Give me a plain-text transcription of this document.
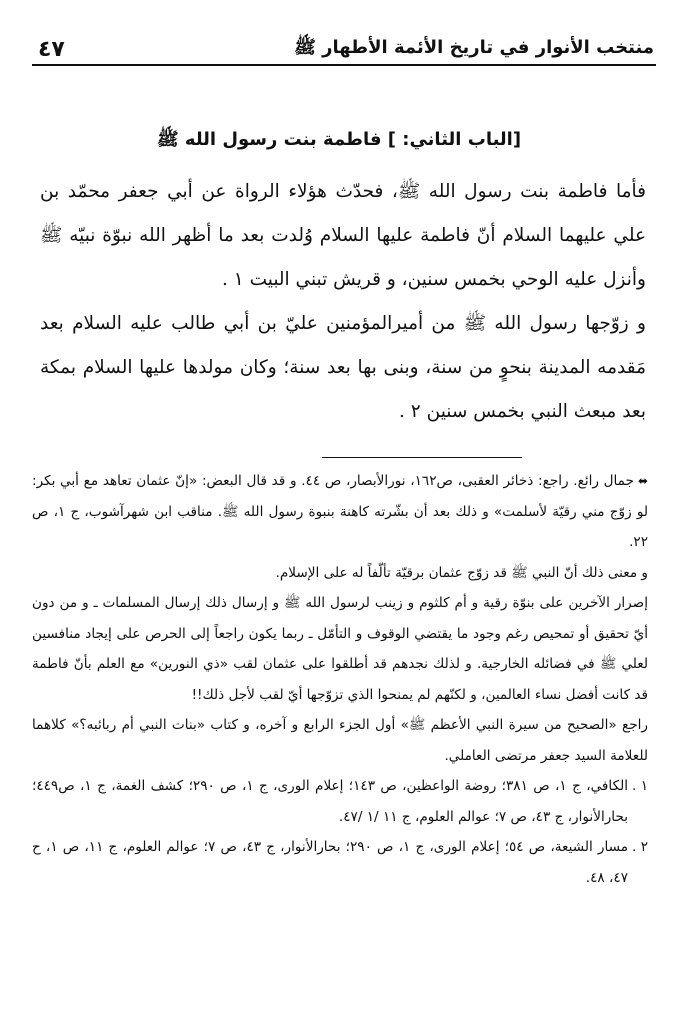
منتخب الأنوار في تاريخ الأئمة الأطهار ﷺ
٤٧
[الباب الثاني: ] فاطمة بنت رسول الله ﷺ

فأما فاطمة بنت رسول الله ﷺ، فحدّث هؤلاء الرواة عن أبي جعفر محمّد بن علي عليهما السلام أنّ فاطمة عليها السلام وُلدت بعد ما أظهر الله نبوّة نبيّه ﷺ وأنزل عليه الوحي بخمس سنين، و قريش تبني البيت ١ .

و زوّجها رسول الله ﷺ من أميرالمؤمنين عليّ بن أبي طالب عليه السلام بعد مَقدمه المدينة بنحوٍ من سنة، وبنى بها بعد سنة؛ وكان مولدها عليها السلام بمكة بعد مبعث النبي بخمس سنين ٢ .

⬌جمال رائع. راجع: ذخائر العقبى، ص١٦٢، نورالأبصار، ص ٤٤. و قد قال البعض: «إنّ عثمان تعاهد مع أبي بكر: لو زوّج مني رقيّة لأسلمت» و ذلك بعد أن بشّرته كاهنة بنبوة رسول الله ﷺ. مناقب ابن شهرآشوب، ج ١، ص ٢٢.

و معنى ذلك أنّ النبي ﷺ قد زوّج عثمان برقيّة تألّفاً له على الإسلام.

إصرار الآخرين على بنوّة رقية و أم كلثوم و زينب لرسول الله ﷺ و إرسال ذلك إرسال المسلمات ـ و من دون أيّ تحقيق أو تمحيص رغم وجود ما يقتضي الوقوف و التأمّل ـ ربما يكون راجعاً إلى الحرص على إيجاد منافسين لعلي ﷺ في فضائله الخارجية. و لذلك نجدهم قد أطلقوا على عثمان لقب «ذي النورين» مع العلم بأنّ فاطمة قد كانت أفضل نساء العالمين، و لكنّهم لم يمنحوا الذي تزوّجها أيّ لقب لأجل ذلك!!

راجع «الصحيح من سيرة النبي الأعظم ﷺ» أول الجزء الرابع و آخره، و كتاب «بنات النبي أم ربائبه؟» كلاهما للعلامة السيد جعفر مرتضى العاملي.

١ .
الكافي، ج ١، ص ٣٨١؛ روضة الواعظين، ص ١٤٣؛ إعلام الورى، ج ١، ص ٢٩٠؛ كشف الغمة، ج ١، ص٤٤٩؛ بحارالأنوار، ج ٤٣، ص ٧؛ عوالم العلوم، ج ١١ /١ /٤٧.
٢ .
مسار الشيعة، ص ٥٤؛ إعلام الورى، ج ١، ص ٢٩٠؛ بحارالأنوار، ج ٤٣، ص ٧؛ عوالم العلوم، ج ١١، ص ١، ح ٤٧، ٤٨.
